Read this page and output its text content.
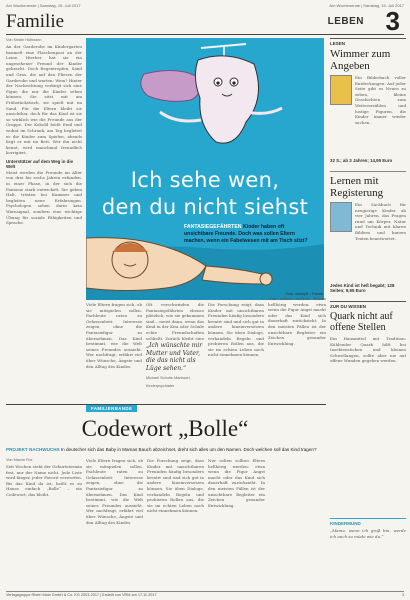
Am Wochenende | Samstag, 15. Juli 2017	Am Wochenende | Samstag, 15. Juli 2017
Familie	LEBEN 3
Von Kristin Hültmann
An der Garderobe im Kindergarten baumelt eine Flaschenpost an der Leine. Hierher hat sie ein ungesehener Freund der Kinder gebracht. Doch Regentropfen, Sand und Gras, die auf den Fliesen der Garderobe und warten: Wem? Hinter der Nachrichtung verbirgt sich eine Figur, die nur die Kinder sehen können. Sie sitzt mit am Frühstückstisch, sie spielt mit im Sand. Für die Eltern bleibt sie unsichtbar, doch für das Kind ist sie so wirklich wie die Freunde aus der Gruppe. Der Kobold heißt Emil und wohnt im Schrank, am Tag begleitet er die Kinder zum Spielen, abends liegt er mit im Bett. Wer ihn nicht kennt, wird manchmal freundlich korrigiert.
Unterstützer auf dem Weg in die Welt
Meist werden die Freunde im Alter von drei bis sechs Jahren erfunden, in einer Phase, in der sich die Fantasie stark entwickelt. Sie geben Halt, trösten bei Kummer und begleiten neue Erfahrungen. Psychologen sehen darin kein Warnsignal, sondern eine wichtige Übung für soziale Fähigkeiten und Sprache.
Ich sehe wen,
den du nicht siehst
FANTASIEGEFÄHRTEN Kinder haben oft unsichtbare Freunde. Doch was sollen Eltern machen, wenn ein Fabelwesen mit am Tisch sitzt?
Viele Eltern fragen sich, ob sie mitspielen sollen. Fachleute raten zu Gelassenheit: Interesse zeigen, ohne die Fantasiefigur zu übernehmen. Das Kind bestimmt, wie die Welt seines Freundes aussieht. Wer nachfragt, erfährt viel über Wünsche, Ängste und den Alltag des Kindes.
„Ich wünschte mir Mutter und Vater, die das nicht als Lüge sehen.“
Michael Schulte-Markwort, Kinderpsychiater
Oft verschwinden die Fantasiegefährten ebenso plötzlich, wie sie gekommen sind – meist dann, wenn das Kind in der Kita oder Schule echte Freundschaften schließt. Zurück bleibt eine
Die Forschung zeigt, dass Kinder mit unsichtbaren Freunden häufig besonders kreativ sind und sich gut in andere hineinversetzen können. Sie üben Dialoge, verhandeln Regeln und probieren Rollen aus, die sie im echten Leben noch nicht einnehmen können.
Nur selten sollten Eltern hellhörig werden: etwa wenn die Figur Angst macht oder das Kind sich dauerhaft zurückzieht. In den meisten Fällen ist der unsichtbare Begleiter ein Zeichen gesunder Entwicklung.
Foto: sedulyB – Fotolia
LESEN
Wimmer zum Angeben
Ein Bilderbuch voller Entdeckungen: Auf jeder Seite gibt es Neues zu sehen, kleine Geschichten zum Weitererzählen und lustige Figuren, die Kinder immer wieder suchen.
32 S.; ab 3 Jahren; 14,95 Euro
Lernen mit Registerung
Ein Sachbuch für neugierige Kinder ab vier Jahren, das Fragen rund um Körper, Natur und Technik mit klaren Bildern und kurzen Texten beantwortet.
Jedes Kind ist heß begabt; 128 Seiten; 9,95 Euro
ZUR DU WISSEN
Quark nicht auf offene Stellen
Ein Hausmittel mit Tradition: Kühlender Quark hilft bei Insektenstichen und kleinen Schwellungen, sollte aber nie auf offene Wunden gegeben werden.
KINDERMUND
„Mama, wenn ich groß bin, werde ich auch so müde wie du.“
FAMILIENBANDE
Codewort „Bolle“
PROJEKT NACHWUCHS In deutscher sich das Baby in Mamas Bauch abzeichnet, dreht sich alles um den Namen. Doch welchen soll das Kind tragen?
Von Marvin Flor
Seit Wochen steht der Geburtstermin fest, nur der Name nicht. Jede Liste wird länger, jeder Favorit verworfen. Bis das Kind da ist, heißt es zu Hause einfach „Bolle“ – ein Codewort, das bleibt.
Viele Eltern fragen sich, ob sie mitspielen sollen. Fachleute raten zu Gelassenheit: Interesse zeigen, ohne die Fantasiefigur zu übernehmen. Das Kind bestimmt, wie die Welt seines Freundes aussieht. Wer nachfragt, erfährt viel über Wünsche, Ängste und den Alltag des Kindes.
Die Forschung zeigt, dass Kinder mit unsichtbaren Freunden häufig besonders kreativ sind und sich gut in andere hineinversetzen können. Sie üben Dialoge, verhandeln Regeln und probieren Rollen aus, die sie im echten Leben noch nicht einnehmen können.
Nur selten sollten Eltern hellhörig werden: etwa wenn die Figur Angst macht oder das Kind sich dauerhaft zurückzieht. In den meisten Fällen ist der unsichtbare Begleiter ein Zeichen gesunder Entwicklung.
Verlagsgruppe Rhein Main GmbH & Co. KG 2003-2017 | Erstellt von VRM am 17.11.2017	3
